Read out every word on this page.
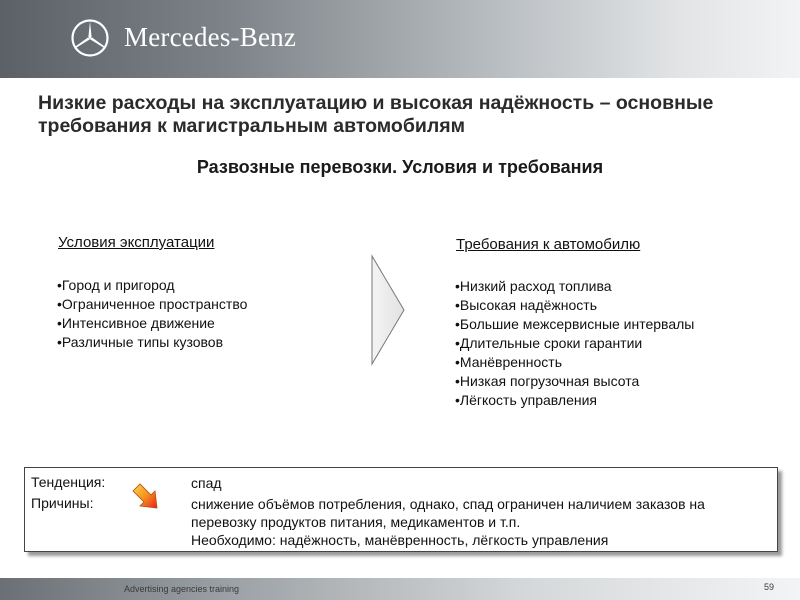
Mercedes-Benz
Низкие расходы на эксплуатацию и высокая надёжность – основные требования к магистральным автомобилям
Развозные перевозки. Условия и требования
Условия эксплуатации
• Город и пригород
• Ограниченное пространство
• Интенсивное движение
• Различные типы кузовов
Требования к автомобилю
• Низкий расход топлива
• Высокая надёжность
• Большие межсервисные интервалы
• Длительные сроки гарантии
• Манёвренность
• Низкая погрузочная высота
• Лёгкость управления
Тенденция:	спад
Причины:	снижение объёмов потребления, однако, спад ограничен наличием заказов на перевозку продуктов питания, медикаментов и т.п.
Необходимо: надёжность, манёвренность, лёгкость управления
Advertising agencies training	59
